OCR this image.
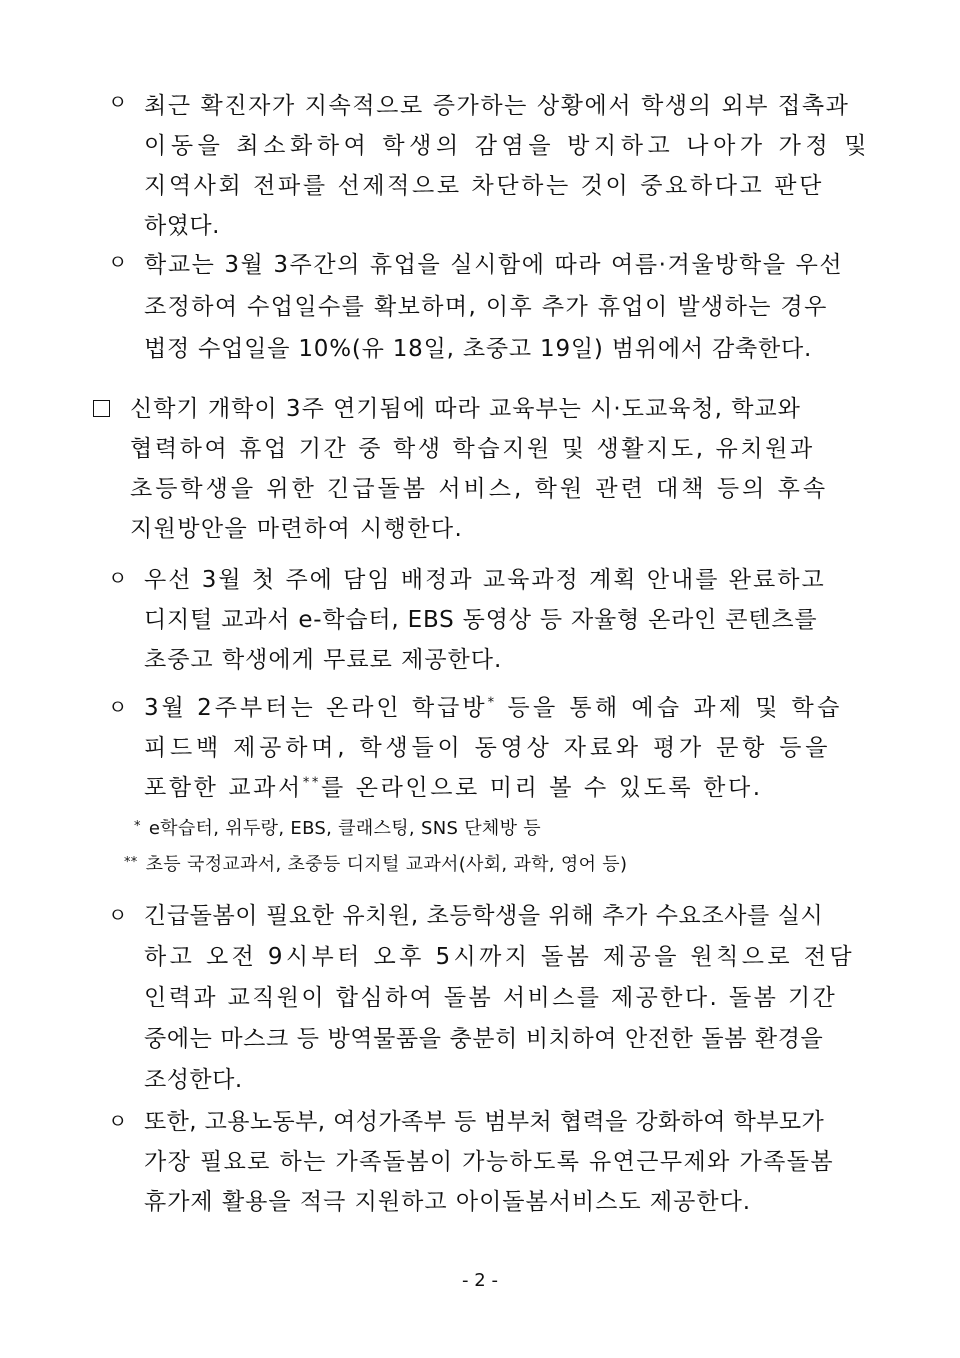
ㅇ 최근 확진자가 지속적으로 증가하는 상황에서 학생의 외부 접촉과
이동을 최소화하여 학생의 감염을 방지하고 나아가 가정 및
지역사회 전파를 선제적으로 차단하는 것이 중요하다고 판단
하였다.
ㅇ 학교는 3월 3주간의 휴업을 실시함에 따라 여름·겨울방학을 우선
조정하여 수업일수를 확보하며, 이후 추가 휴업이 발생하는 경우
법정 수업일을 10%(유 18일, 초중고 19일) 범위에서 감축한다.
신학기 개학이 3주 연기됨에 따라 교육부는 시·도교육청, 학교와
협력하여 휴업 기간 중 학생 학습지원 및 생활지도, 유치원과
초등학생을 위한 긴급돌봄 서비스, 학원 관련 대책 등의 후속
지원방안을 마련하여 시행한다.
ㅇ 우선 3월 첫 주에 담임 배정과 교육과정 계획 안내를 완료하고
디지털 교과서 e-학습터, EBS 동영상 등 자율형 온라인 콘텐츠를
초중고 학생에게 무료로 제공한다.
ㅇ 3월 2주부터는 온라인 학급방* 등을 통해 예습 과제 및 학습
피드백 제공하며, 학생들이 동영상 자료와 평가 문항 등을
포함한 교과서**를 온라인으로 미리 볼 수 있도록 한다.
* e학습터, 위두랑, EBS, 클래스팅, SNS 단체방 등
** 초등 국정교과서, 초중등 디지털 교과서(사회, 과학, 영어 등)
ㅇ 긴급돌봄이 필요한 유치원, 초등학생을 위해 추가 수요조사를 실시
하고 오전 9시부터 오후 5시까지 돌봄 제공을 원칙으로 전담
인력과 교직원이 합심하여 돌봄 서비스를 제공한다. 돌봄 기간
중에는 마스크 등 방역물품을 충분히 비치하여 안전한 돌봄 환경을
조성한다.
ㅇ 또한, 고용노동부, 여성가족부 등 범부처 협력을 강화하여 학부모가
가장 필요로 하는 가족돌봄이 가능하도록 유연근무제와 가족돌봄
휴가제 활용을 적극 지원하고 아이돌봄서비스도 제공한다.
- 2 -
